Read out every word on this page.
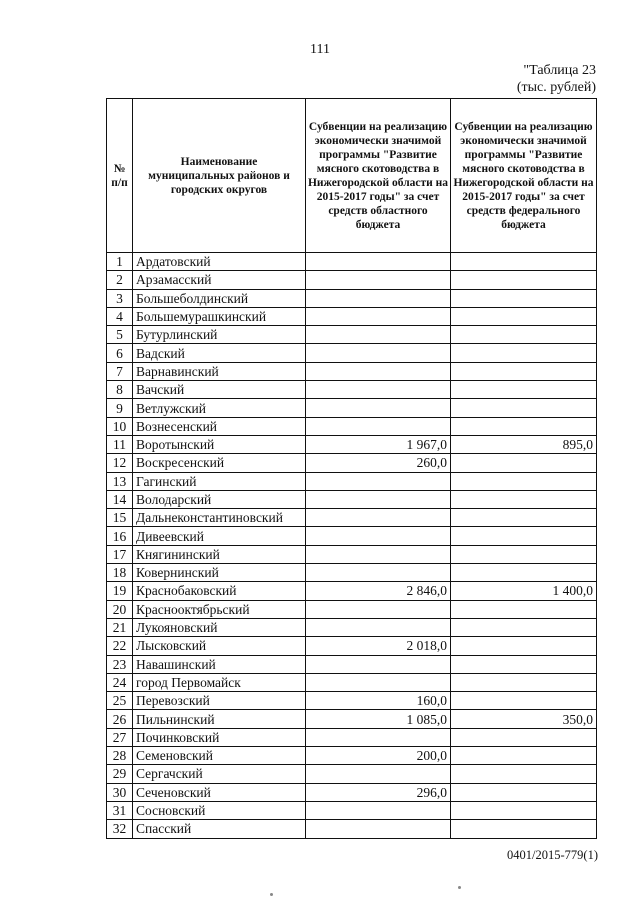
111
"Таблица 23
(тыс. рублей)
№ п/п	Наименование муниципальных районов и городских округов	Субвенции на реализацию экономически значимой программы "Развитие мясного скотоводства в Нижегородской области на 2015-2017 годы" за счет средств областного бюджета	Субвенции на реализацию экономически значимой программы "Развитие мясного скотоводства в Нижегородской области на 2015-2017 годы" за счет средств федерального бюджета
1	Ардатовский		
2	Арзамасский		
3	Большеболдинский		
4	Большемурашкинский		
5	Бутурлинский		
6	Вадский		
7	Варнавинский		
8	Вачский		
9	Ветлужский		
10	Вознесенский		
11	Воротынский	1 967,0	895,0
12	Воскресенский	260,0	
13	Гагинский		
14	Володарский		
15	Дальнеконстантиновский		
16	Дивеевский		
17	Княгининский		
18	Ковернинский		
19	Краснобаковский	2 846,0	1 400,0
20	Краснооктябрьский		
21	Лукояновский		
22	Лысковский	2 018,0	
23	Навашинский		
24	город Первомайск		
25	Перевозский	160,0	
26	Пильнинский	1 085,0	350,0
27	Починковский		
28	Семеновский	200,0	
29	Сергачский		
30	Сеченовский	296,0	
31	Сосновский		
32	Спасский		
0401/2015-779(1)
